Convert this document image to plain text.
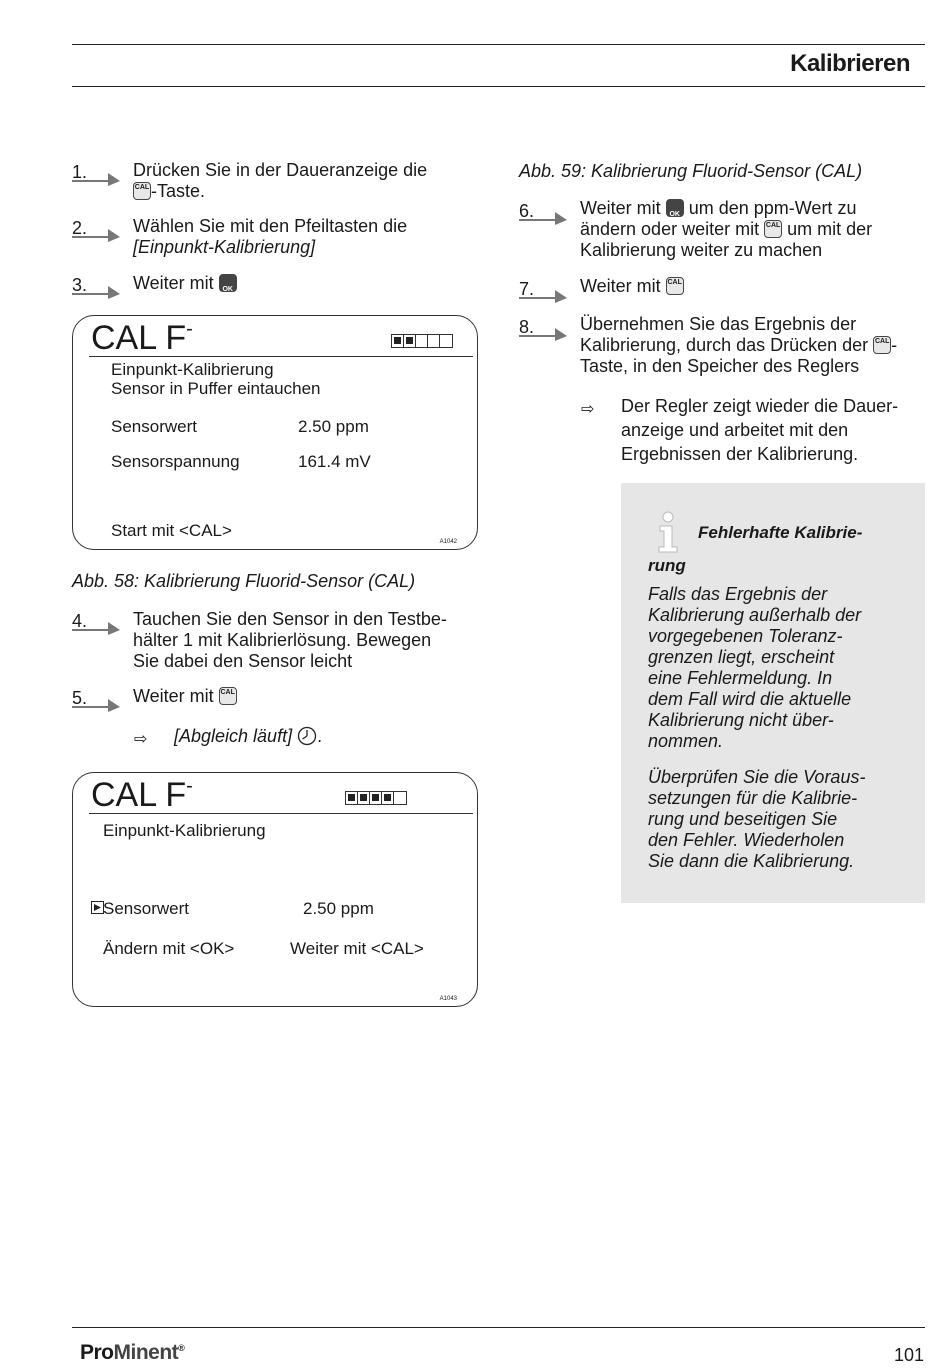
Kalibrieren
1.	Drücken Sie in der Daueranzeige die
CAL -Taste.
2.	Wählen Sie mit den Pfeiltasten die
[Einpunkt-Kalibrierung]
3.	Weiter mit	OK
CAL F-
Einpunkt-Kalibrierung
Sensor in Puffer eintauchen
Sensorwert	2.50 ppm
Sensorspannung	161.4 mV
Start mit <CAL>
A1042
Abb. 58: Kalibrierung Fluorid-Sensor (CAL)
4.	Tauchen Sie den Sensor in den Testbe-
hälter 1 mit Kalibrierlösung. Bewegen
Sie dabei den Sensor leicht
5.	Weiter mit CAL
⇨ [Abgleich läuft] .
CAL F-
Einpunkt-Kalibrierung
Sensorwert	2.50 ppm
Ändern mit <OK>	Weiter mit <CAL>
A1043
Abb. 59: Kalibrierung Fluorid-Sensor (CAL)
6.	Weiter mit	OK um den ppm-Wert zu
ändern oder weiter mit CAL um mit der
Kalibrierung weiter zu machen
7.	Weiter mit CAL
8.	Übernehmen Sie das Ergebnis der
Kalibrierung, durch das Drücken der CAL -
Taste, in den Speicher des Reglers
⇨ Der Regler zeigt wieder die Dauer-
anzeige und arbeitet mit den
Ergebnissen der Kalibrierung.
Fehlerhafte Kalibrie-
rung
Falls das Ergebnis der
Kalibrierung außerhalb der
vorgegebenen Toleranz-
grenzen liegt, erscheint
eine Fehlermeldung. In
dem Fall wird die aktuelle
Kalibrierung nicht über-
nommen.
Überprüfen Sie die Voraus-
setzungen für die Kalibrie-
rung und beseitigen Sie
den Fehler. Wiederholen
Sie dann die Kalibrierung.
ProMinent®	101
